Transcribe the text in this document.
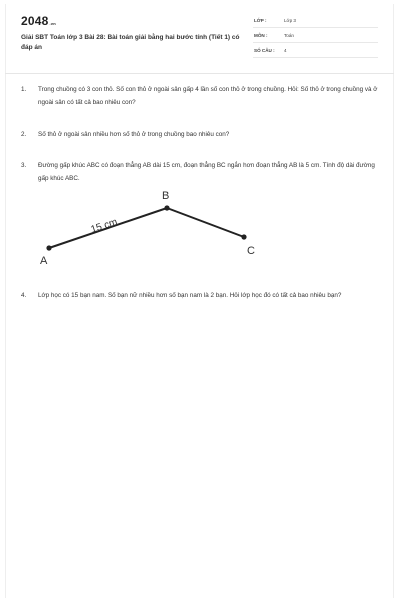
2048.vn
Giải SBT Toán lớp 3 Bài 28: Bài toán giải bằng hai bước tính (Tiết 1) có đáp án
LỚP :	Lớp 3
MÔN :	Toán
SỐ CÂU : 4
1. Trong chuồng có 3 con thỏ. Số con thỏ ở ngoài sân gấp 4 lần số con thỏ ở trong chuồng. Hỏi: Số thỏ ở trong chuồng và ở ngoài sân có tất cả bao nhiêu con?
2. Số thỏ ở ngoài sân nhiều hơn số thỏ ở trong chuồng bao nhiêu con?
3. Đường gấp khúc ABC có đoạn thẳng AB dài 15 cm, đoạn thẳng BC ngắn hơn đoạn thẳng AB là 5 cm. Tính độ dài đường gấp khúc ABC.
A
B
C
15 cm
4. Lớp học có 15 bạn nam. Số bạn nữ nhiều hơn số bạn nam là 2 bạn. Hỏi lớp học đó có tất cả bao nhiêu bạn?
